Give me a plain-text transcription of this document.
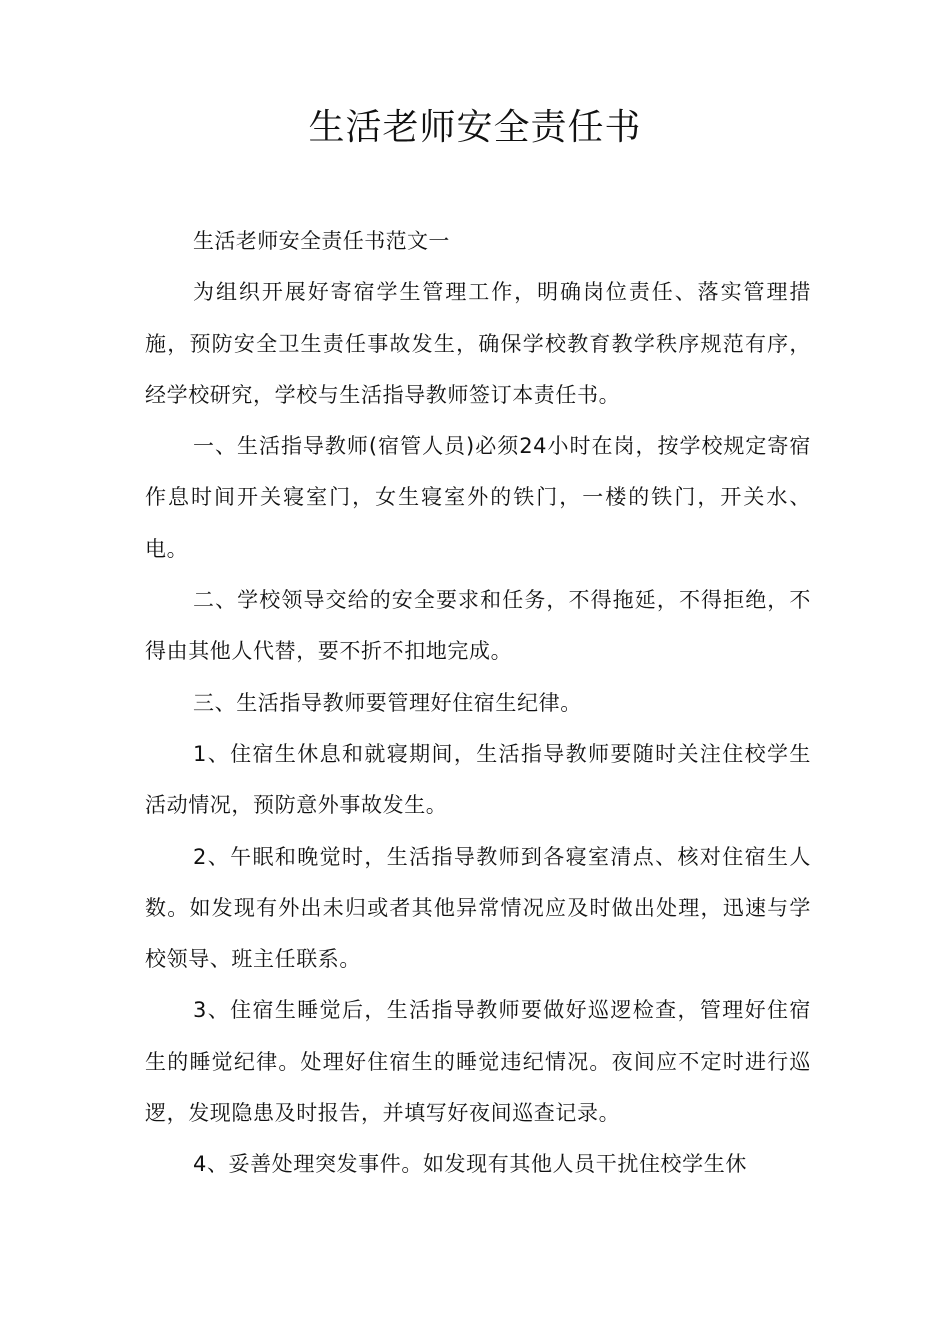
生活老师安全责任书

生活老师安全责任书范文一

为组织开展好寄宿学生管理工作，明确岗位责任、落实管理措施，预防安全卫生责任事故发生，确保学校教育教学秩序规范有序，经学校研究，学校与生活指导教师签订本责任书。

一、生活指导教师(宿管人员)必须24小时在岗，按学校规定寄宿作息时间开关寝室门，女生寝室外的铁门，一楼的铁门，开关水、电。

二、学校领导交给的安全要求和任务，不得拖延，不得拒绝，不得由其他人代替，要不折不扣地完成。

三、生活指导教师要管理好住宿生纪律。

1、住宿生休息和就寝期间，生活指导教师要随时关注住校学生活动情况，预防意外事故发生。

2、午眠和晚觉时，生活指导教师到各寝室清点、核对住宿生人数。如发现有外出未归或者其他异常情况应及时做出处理，迅速与学校领导、班主任联系。

3、住宿生睡觉后，生活指导教师要做好巡逻检查，管理好住宿生的睡觉纪律。处理好住宿生的睡觉违纪情况。夜间应不定时进行巡逻，发现隐患及时报告，并填写好夜间巡查记录。

4、妥善处理突发事件。如发现有其他人员干扰住校学生休
